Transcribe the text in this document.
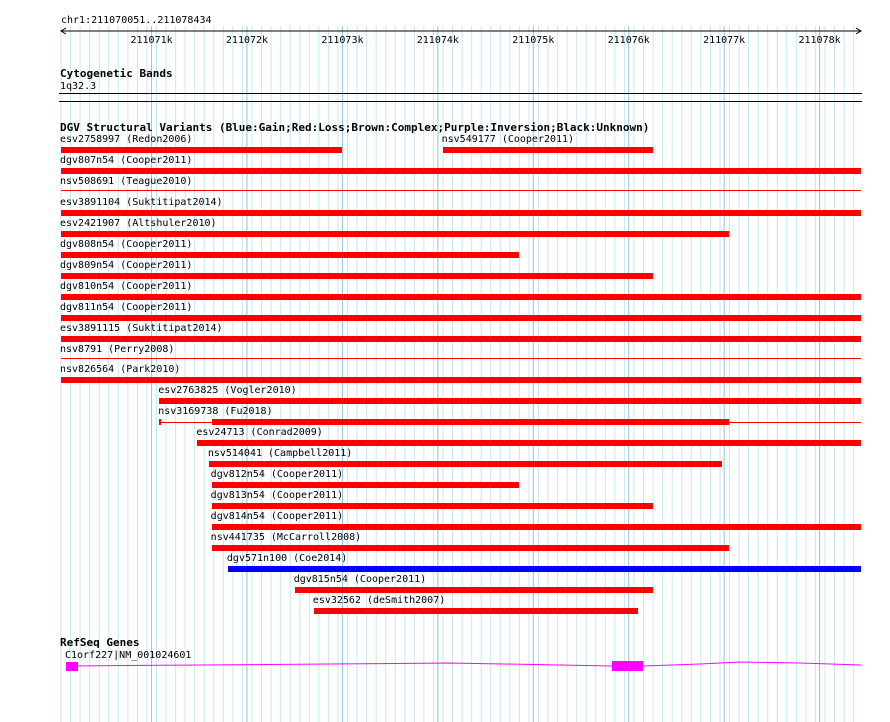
chr1:211070051..211078434
211071k	211072k	211073k	211074k	211075k	211076k	211077k	211078k
Cytogenetic Bands
1q32.3
DGV Structural Variants (Blue:Gain;Red:Loss;Brown:Complex;Purple:Inversion;Black:Unknown)
esv2758997 (Redon2006)	nsv549177 (Cooper2011)
dgv807n54 (Cooper2011)
nsv508691 (Teague2010)
esv3891104 (Suktitipat2014)
esv2421907 (Altshuler2010)
dgv808n54 (Cooper2011)
dgv809n54 (Cooper2011)
dgv810n54 (Cooper2011)
dgv811n54 (Cooper2011)
esv3891115 (Suktitipat2014)
nsv8791 (Perry2008)
nsv826564 (Park2010)
esv2763825 (Vogler2010)
nsv3169738 (Fu2018)
esv24713 (Conrad2009)
nsv514041 (Campbell2011)
dgv812n54 (Cooper2011)
dgv813n54 (Cooper2011)
dgv814n54 (Cooper2011)
nsv441735 (McCarroll2008)
dgv571n100 (Coe2014)
dgv815n54 (Cooper2011)
esv32562 (deSmith2007)
RefSeq Genes
C1orf227|NM_001024601
